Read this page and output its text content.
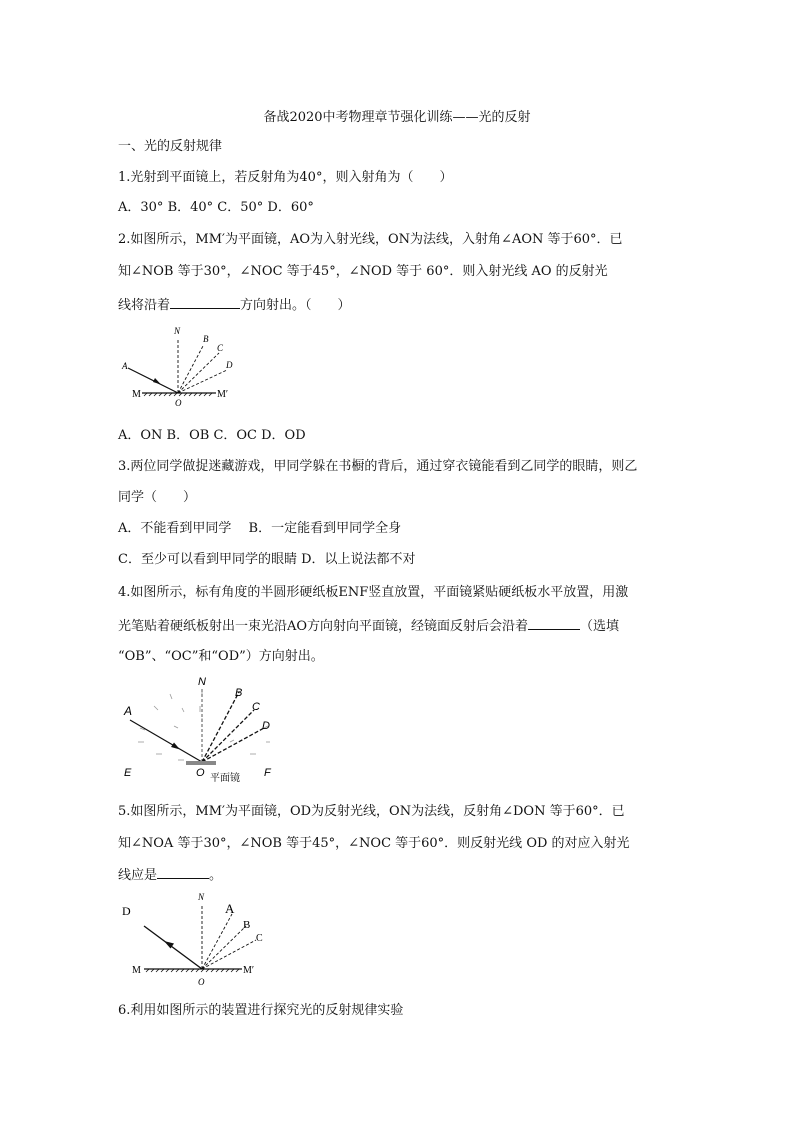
备战2020中考物理章节强化训练——光的反射
一、光的反射规律
1.光射到平面镜上，若反射角为40°，则入射角为（　　）
A．30° B．40° C．50° D．60°
2.如图所示，MM′为平面镜，AO为入射光线，ON为法线，入射角∠AON 等于60°．已
知∠NOB 等于30°，∠NOC 等于45°，∠NOD 等于 60°．则入射光线 AO 的反射光
线将沿着	方向射出。（　　）
N
B
C
D
A
M
O
M′
A．ON B．OB C．OC D．OD
3.两位同学做捉迷藏游戏，甲同学躲在书橱的背后，通过穿衣镜能看到乙同学的眼睛，则乙
同学（　　）
A．不能看到甲同学　 B．一定能看到甲同学全身
C．至少可以看到甲同学的眼睛 D．以上说法都不对
4.如图所示，标有角度的半圆形硬纸板ENF竖直放置，平面镜紧贴硬纸板水平放置，用激
光笔贴着硬纸板射出一束光沿AO方向射向平面镜，经镜面反射后会沿着	（选填
“OB”、“OC”和“OD”）方向射出。
N
B
C
D
A
E	O	F
平面镜
5.如图所示，MM′为平面镜，OD为反射光线，ON为法线，反射角∠DON 等于60°．已
知∠NOA 等于30°，∠NOB 等于45°，∠NOC 等于60°．则反射光线 OD 的对应入射光
线应是	。
D
N
A
B
C
M
O
M′
6.利用如图所示的装置进行探究光的反射规律实验
